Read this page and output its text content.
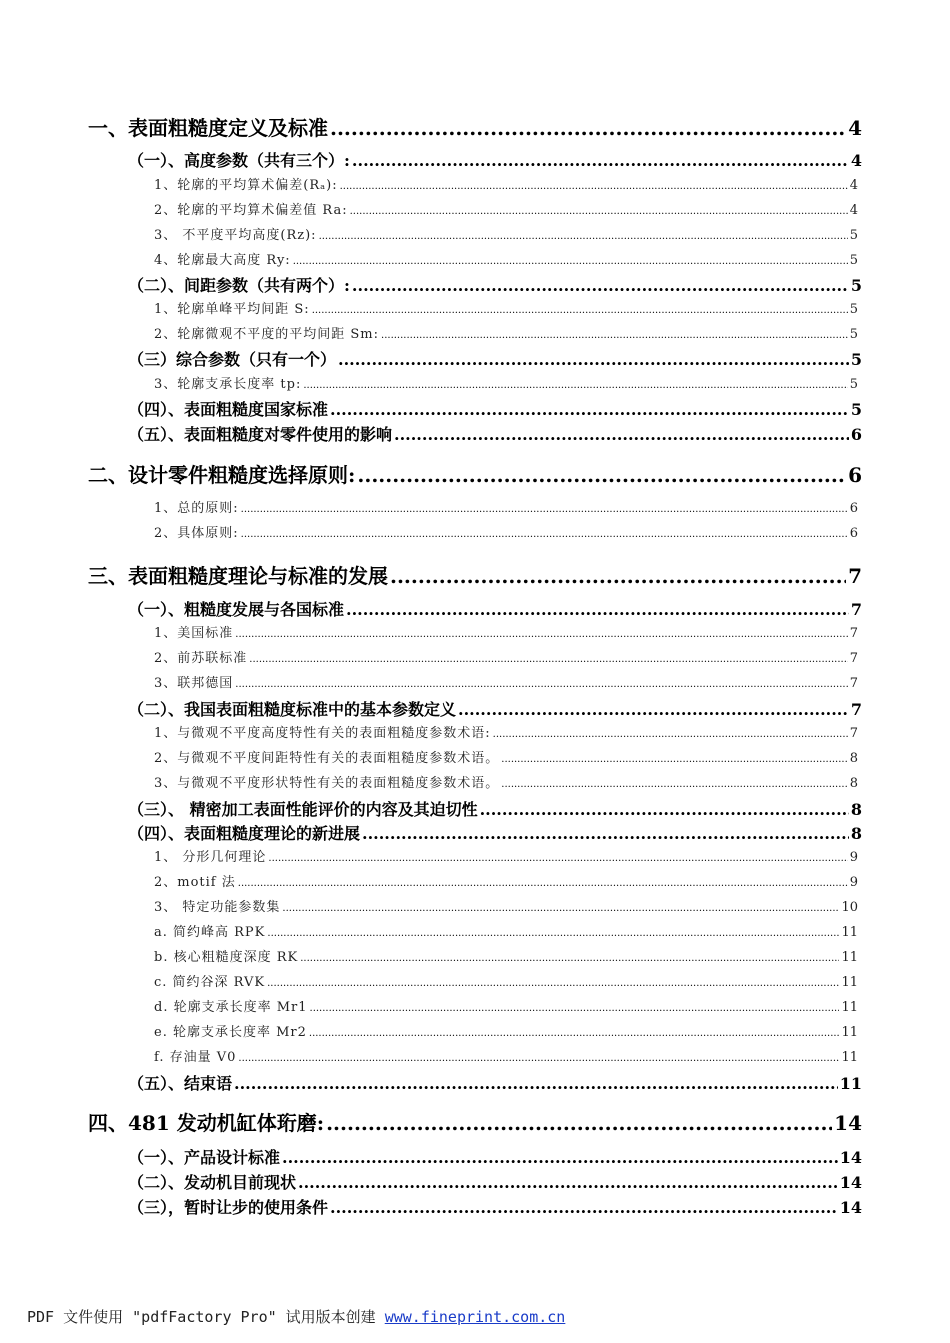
一、表面粗糙度定义及标准 .....	4
（一）、高度参数（共有三个）: .....	4
1、轮廓的平均算术偏差(Rₐ): .....	4
2、轮廓的平均算术偏差值 Ra: .....	4
3、 不平度平均高度(Rz): .....	5
4、轮廓最大高度 Ry: .....	5
（二）、间距参数（共有两个）: .....	5
1、轮廓单峰平均间距 S: .....	5
2、轮廓微观不平度的平均间距 Sm: .....	5
（三）综合参数（只有一个） .....	5
3、轮廓支承长度率 tp: .....	5
（四）、表面粗糙度国家标准 .....	5
（五）、表面粗糙度对零件使用的影响 .....	6
二、设计零件粗糙度选择原则: .....	6
1、总的原则: .....	6
2、具体原则: .....	6
三、表面粗糙度理论与标准的发展 .....	7
（一）、粗糙度发展与各国标准 .....	7
1、美国标准 .....	7
2、前苏联标准 .....	7
3、联邦德国 .....	7
（二）、我国表面粗糙度标准中的基本参数定义 .....	7
1、与微观不平度高度特性有关的表面粗糙度参数术语: .....	7
2、与微观不平度间距特性有关的表面粗糙度参数术语。 .....	8
3、与微观不平度形状特性有关的表面粗糙度参数术语。 .....	8
（三）、 精密加工表面性能评价的内容及其迫切性 .....	8
（四）、表面粗糙度理论的新进展 .....	8
1、 分形几何理论 .....	9
2、motif 法 .....	9
3、 特定功能参数集 .....	10
a. 简约峰高 RPK .....	11
b. 核心粗糙度深度 RK .....	11
c. 简约谷深 RVK .....	11
d. 轮廓支承长度率 Mr1 .....	11
e. 轮廓支承长度率 Mr2 .....	11
f. 存油量 V0 .....	11
（五）、结束语 .....	11
四、481 发动机缸体珩磨: .....	14
（一）、产品设计标准 .....	14
（二）、发动机目前现状 .....	14
（三），暂时让步的使用条件 .....	14
PDF 文件使用 "pdfFactory Pro" 试用版本创建 www.fineprint.com.cn
